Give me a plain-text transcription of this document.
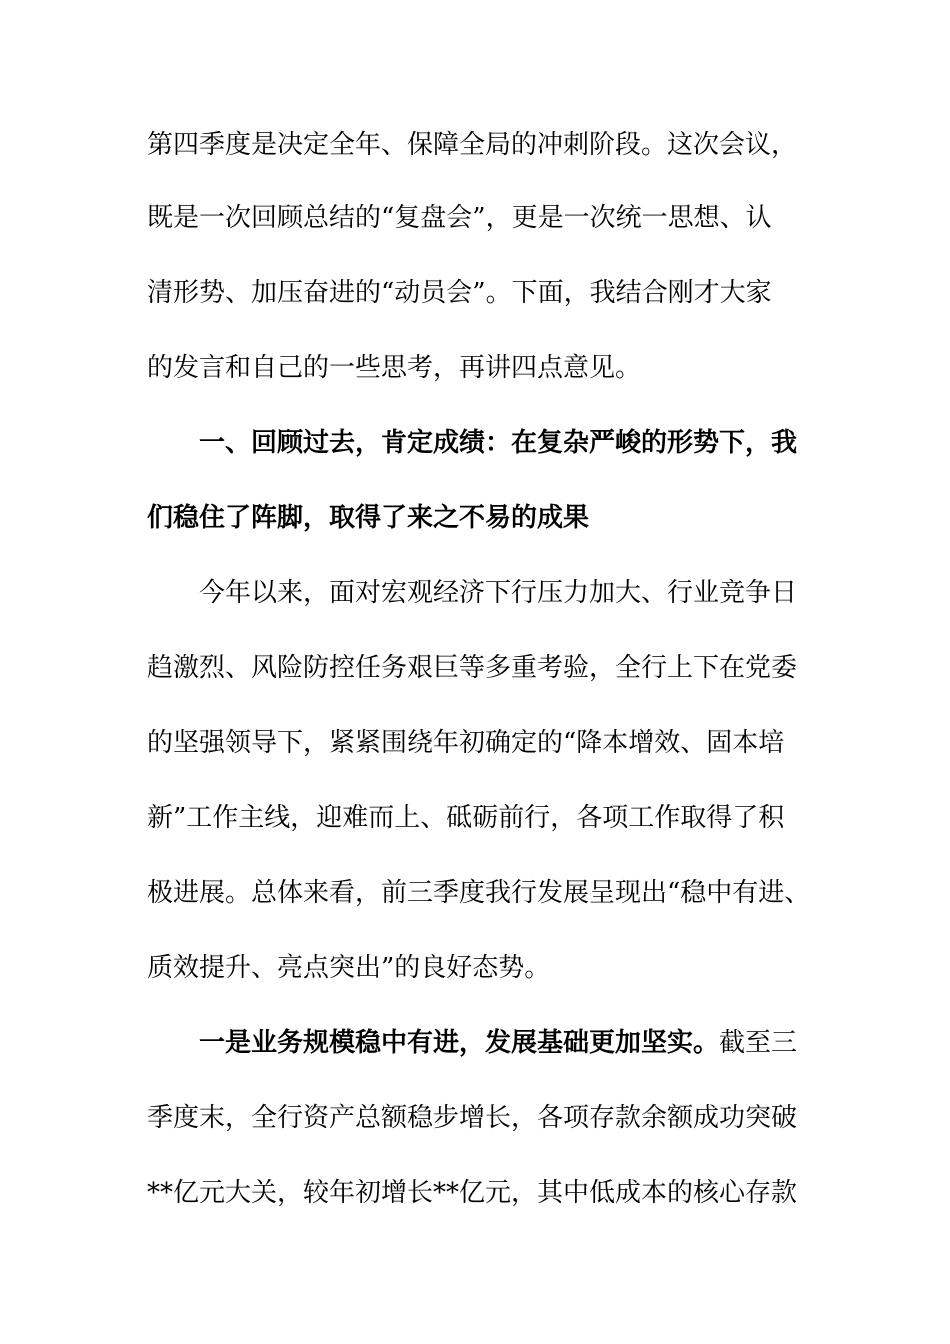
第四季度是决定全年、保障全局的冲刺阶段。这次会议，
既是一次回顾总结的“复盘会”，更是一次统一思想、认
清形势、加压奋进的“动员会”。下面，我结合刚才大家
的发言和自己的一些思考，再讲四点意见。
一、回顾过去，肯定成绩：在复杂严峻的形势下，我
们稳住了阵脚，取得了来之不易的成果
今年以来，面对宏观经济下行压力加大、行业竞争日
趋激烈、风险防控任务艰巨等多重考验，全行上下在党委
的坚强领导下，紧紧围绕年初确定的“降本增效、固本培
新”工作主线，迎难而上、砥砺前行，各项工作取得了积
极进展。总体来看，前三季度我行发展呈现出“稳中有进、
质效提升、亮点突出”的良好态势。
一是业务规模稳中有进，发展基础更加坚实。截至三
季度末，全行资产总额稳步增长，各项存款余额成功突破
**亿元大关，较年初增长**亿元，其中低成本的核心存款
